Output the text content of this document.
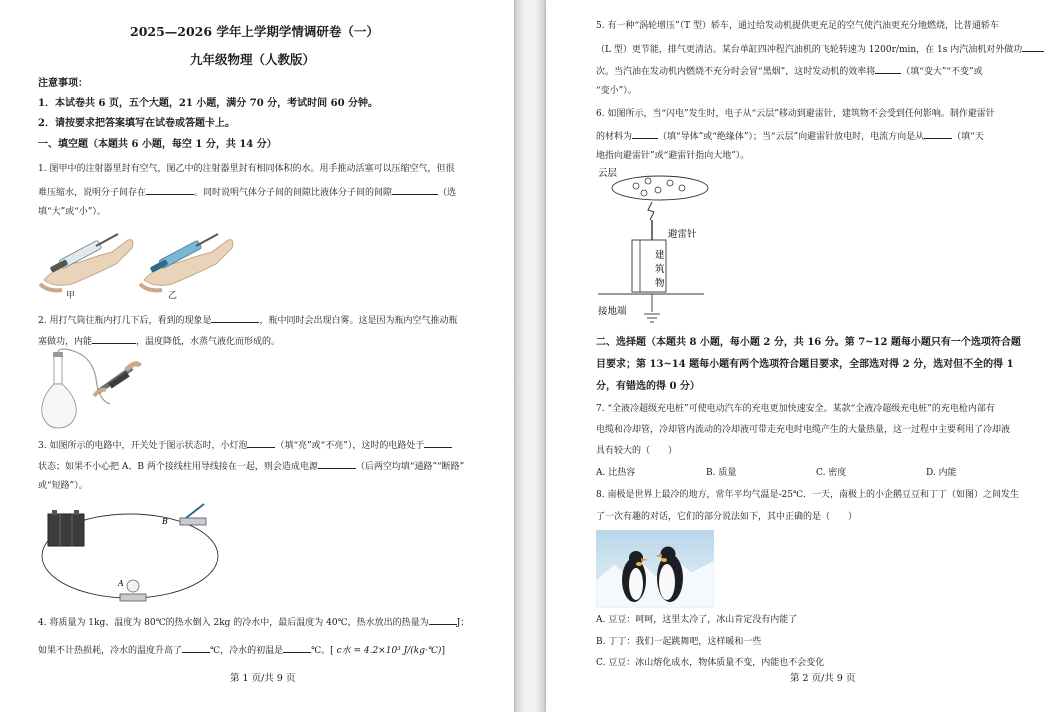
2025—2026 学年上学期学情调研卷（一）
九年级物理（人教版）
注意事项：
1．本试卷共 6 页，五个大题，21 小题，满分 70 分，考试时间 60 分钟。
2．请按要求把答案填写在试卷或答题卡上。
一、填空题（本题共 6 小题，每空 1 分，共 14 分）
1. 图甲中的注射器里封有空气，图乙中的注射器里封有相同体积的水。用手推动活塞可以压缩空气，但很
难压缩水，说明分子间存在	。同时说明气体分子间的间隙比液体分子间的间隙	（选
填“大”或“小”）。
甲	乙
2. 用打气筒往瓶内打几下后，看到的现象是	，瓶中同时会出现白雾。这是因为瓶内空气推动瓶
塞做功，内能	，温度降低，水蒸气液化而形成的。
3. 如图所示的电路中，开关处于图示状态时，小灯泡	（填“亮”或“不亮”），这时的电路处于
状态；如果不小心把 A、B 两个接线柱用导线接在一起，则会造成电源	（后两空均填“通路”“断路”
或“短路”）。
B
A
4. 将质量为 1kg、温度为 80℃的热水倒入 2kg 的冷水中，最后温度为 40℃，热水放出的热量为	J；
如果不计热损耗，冷水的温度升高了	℃，冷水的初温是	℃。[ c水 = 4.2×10³ J/(kg·℃)]
第 1 页/共 9 页
5. 有一种“涡轮增压”（T 型）轿车，通过给发动机提供更充足的空气使汽油更充分地燃烧，比普通轿车
（L 型）更节能，排气更清洁。某台单缸四冲程汽油机的飞轮转速为 1200r/min，在 1s 内汽油机对外做功
次。当汽油在发动机内燃烧不充分时会冒“黑烟”，这时发动机的效率将	（填“变大”“不变”或
“变小”）。
6. 如图所示，当“闪电”发生时，电子从“云层”移动到避雷针，建筑物不会受到任何影响。制作避雷针
的材料为	（填“导体”或“绝缘体”）；当“云层”向避雷针放电时，电流方向是从	（填“天
地指向避雷针”或“避雷针指向大地”）。
云层
避雷针
建
筑
物
接地端
二、选择题（本题共 8 小题，每小题 2 分，共 16 分。第 7~12 题每小题只有一个选项符合题
目要求；第 13~14 题每小题有两个选项符合题目要求，全部选对得 2 分，选对但不全的得 1
分，有错选的得 0 分）
7. “全液冷超级充电桩”可使电动汽车的充电更加快速安全。某款“全液冷超级充电桩”的充电枪内部有
电缆和冷却管，冷却管内流动的冷却液可带走充电时电缆产生的大量热量，这一过程中主要利用了冷却液
具有较大的（　　）
A. 比热容	B. 质量	C. 密度	D. 内能
8. 南极是世界上最冷的地方，常年平均气温是-25℃．一天，南极上的小企鹅豆豆和丁丁（如图）之间发生
了一次有趣的对话，它们的部分说法如下，其中正确的是（　　）
A. 豆豆：呵呵，这里太冷了，冰山肯定没有内能了
B. 丁丁：我们一起跳舞吧，这样暖和一些
C. 豆豆：冰山熔化成水，物体质量不变，内能也不会变化
第 2 页/共 9 页
